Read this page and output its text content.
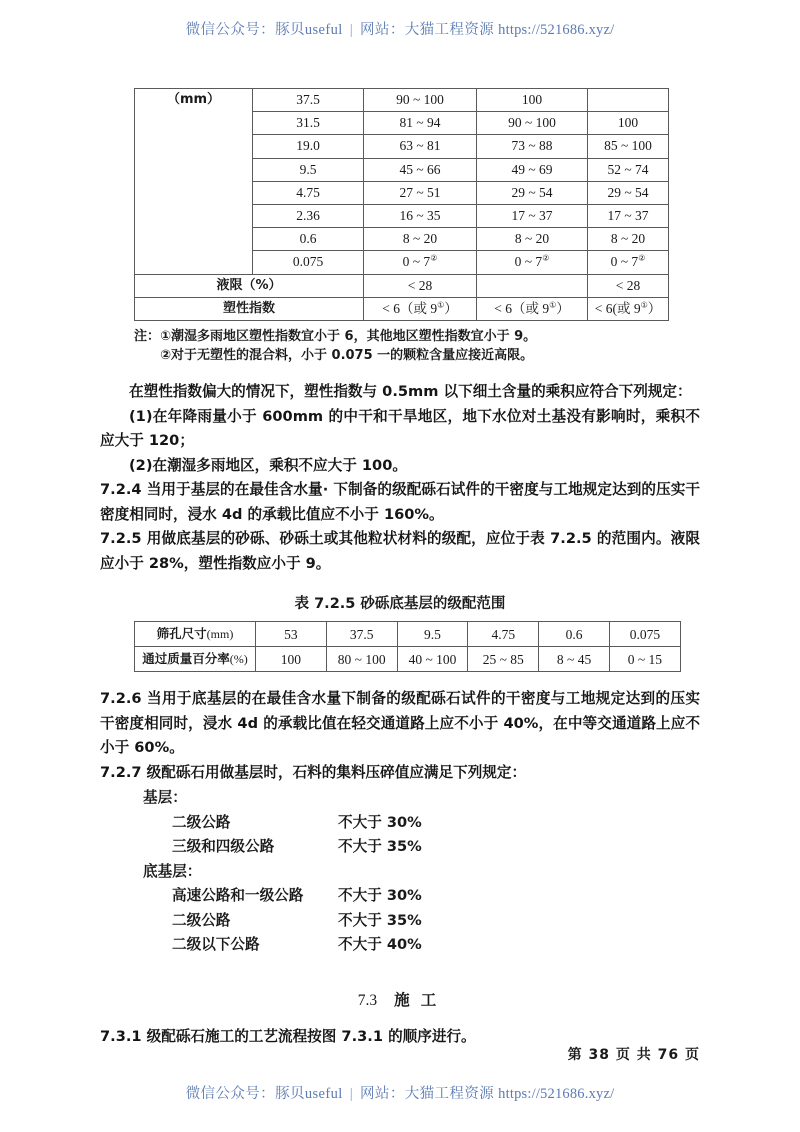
微信公众号：豚贝useful | 网站：大猫工程资源 https://521686.xyz/
（mm）	37.5	90 ~ 100	100	
	31.5	81 ~ 94	90 ~ 100	100
	19.0	63 ~ 81	73 ~ 88	85 ~ 100
	9.5	45 ~ 66	49 ~ 69	52 ~ 74
	4.75	27 ~ 51	29 ~ 54	29 ~ 54
	2.36	16 ~ 35	17 ~ 37	17 ~ 37
	0.6	8 ~ 20	8 ~ 20	8 ~ 20
	0.075	0 ~ 7②	0 ~ 7②	0 ~ 7②
液限（%）		< 28		< 28
塑性指数		< 6（或 9①）	< 6（或 9①）	< 6(或 9①）
注：①潮湿多雨地区塑性指数宜小于 6，其他地区塑性指数宜小于 9。
②对于无塑性的混合料，小于 0.075 一的颗粒含量应接近高限。

在塑性指数偏大的情况下，塑性指数与 0.5mm 以下细土含量的乘积应符合下列规定：

(1)在年降雨量小于 600mm 的中干和干旱地区，地下水位对土基没有影响时，乘积不应大于 120；

(2)在潮湿多雨地区，乘积不应大于 100。

7.2.4 当用于基层的在最佳含水量· 下制备的级配砾石试件的干密度与工地规定达到的压实干密度相同时，浸水 4d 的承载比值应不小于 160%。

7.2.5 用做底基层的砂砾、砂砾土或其他粒状材料的级配，应位于表 7.2.5 的范围内。液限应小于 28%，塑性指数应小于 9。

表 7.2.5 砂砾底基层的级配范围
筛孔尺寸(mm)	53	37.5	9.5	4.75	0.6	0.075
通过质量百分率(%)	100	80 ~ 100	40 ~ 100	25 ~ 85	8 ~ 45	0 ~ 15

7.2.6 当用于底基层的在最佳含水量下制备的级配砾石试件的干密度与工地规定达到的压实干密度相同时，浸水 4d 的承载比值在轻交通道路上应不小于 40%，在中等交通道路上应不小于 60%。

7.2.7 级配砾石用做基层时，石料的集料压碎值应满足下列规定：

基层：
二级公路	不大于 30%
三级和四级公路	不大于 35%
底基层：
高速公路和一级公路	不大于 30%
二级公路	不大于 35%
二级以下公路	不大于 40%
7.3 施 工

7.3.1 级配砾石施工的工艺流程按图 7.3.1 的顺序进行。

第 38 页 共 76 页
微信公众号：豚贝useful | 网站：大猫工程资源 https://521686.xyz/
